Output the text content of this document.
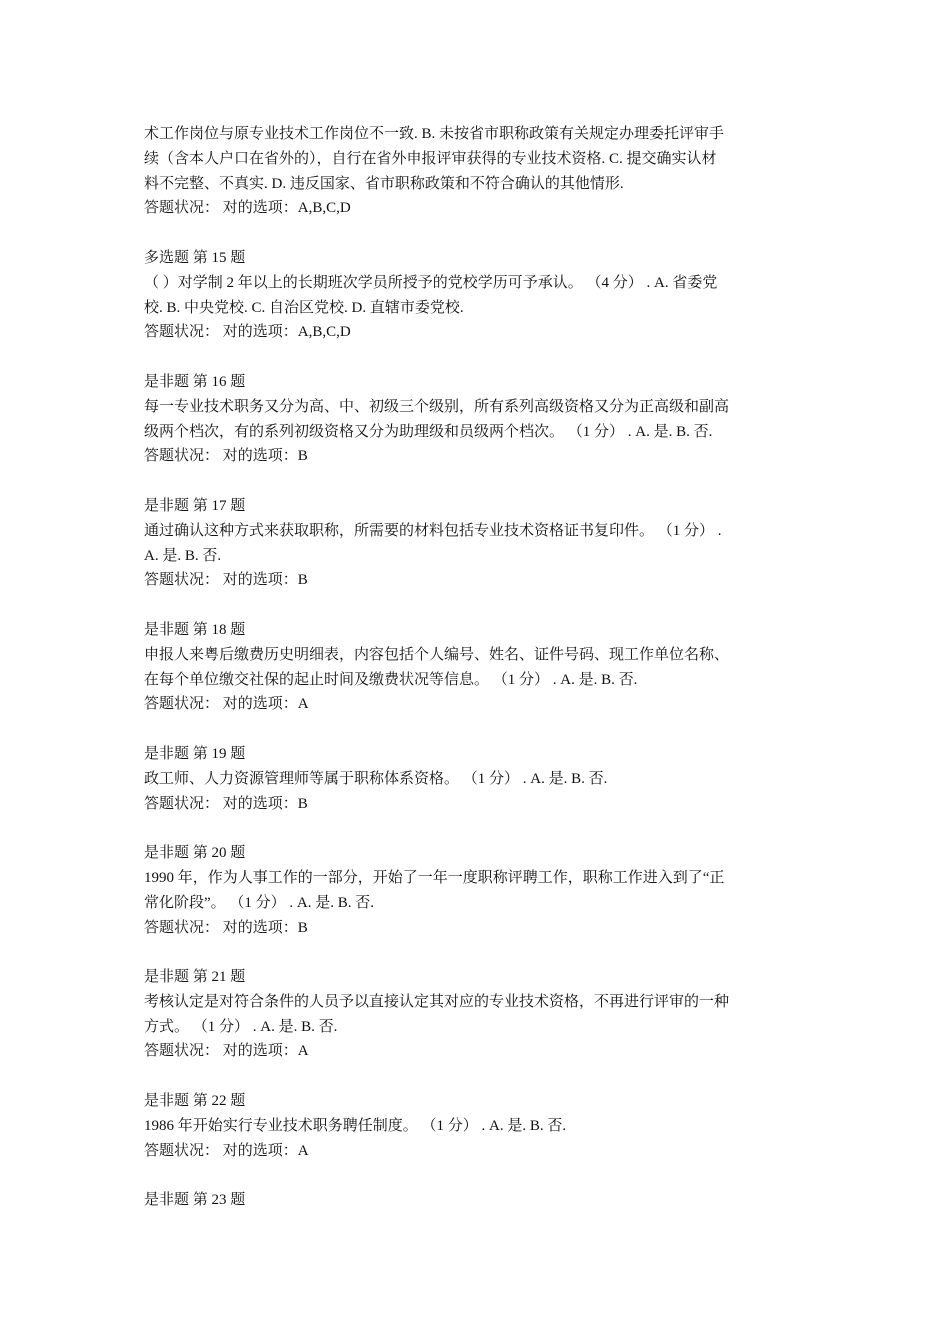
术工作岗位与原专业技术工作岗位不一致. B. 未按省市职称政策有关规定办理委托评审手
续（含本人户口在省外的），自行在省外申报评审获得的专业技术资格. C. 提交确实认材
料不完整、不真实. D. 违反国家、省市职称政策和不符合确认的其他情形.
答题状况： 对的选项：A,B,C,D
多选题 第 15 题
（ ）对学制 2 年以上的长期班次学员所授予的党校学历可予承认。 （4 分） . A. 省委党
校. B. 中央党校. C. 自治区党校. D. 直辖市委党校.
答题状况： 对的选项：A,B,C,D
是非题 第 16 题
每一专业技术职务又分为高、中、初级三个级别，所有系列高级资格又分为正高级和副高
级两个档次，有的系列初级资格又分为助理级和员级两个档次。 （1 分） . A. 是. B. 否.
答题状况： 对的选项：B
是非题 第 17 题
通过确认这种方式来获取职称，所需要的材料包括专业技术资格证书复印件。 （1 分） .
A. 是. B. 否.
答题状况： 对的选项：B
是非题 第 18 题
申报人来粤后缴费历史明细表，内容包括个人编号、姓名、证件号码、现工作单位名称、
在每个单位缴交社保的起止时间及缴费状况等信息。 （1 分） . A. 是. B. 否.
答题状况： 对的选项：A
是非题 第 19 题
政工师、人力资源管理师等属于职称体系资格。 （1 分） . A. 是. B. 否.
答题状况： 对的选项：B
是非题 第 20 题
1990 年，作为人事工作的一部分，开始了一年一度职称评聘工作，职称工作进入到了“正
常化阶段”。 （1 分） . A. 是. B. 否.
答题状况： 对的选项：B
是非题 第 21 题
考核认定是对符合条件的人员予以直接认定其对应的专业技术资格，不再进行评审的一种
方式。 （1 分） . A. 是. B. 否.
答题状况： 对的选项：A
是非题 第 22 题
1986 年开始实行专业技术职务聘任制度。 （1 分） . A. 是. B. 否.
答题状况： 对的选项：A
是非题 第 23 题
